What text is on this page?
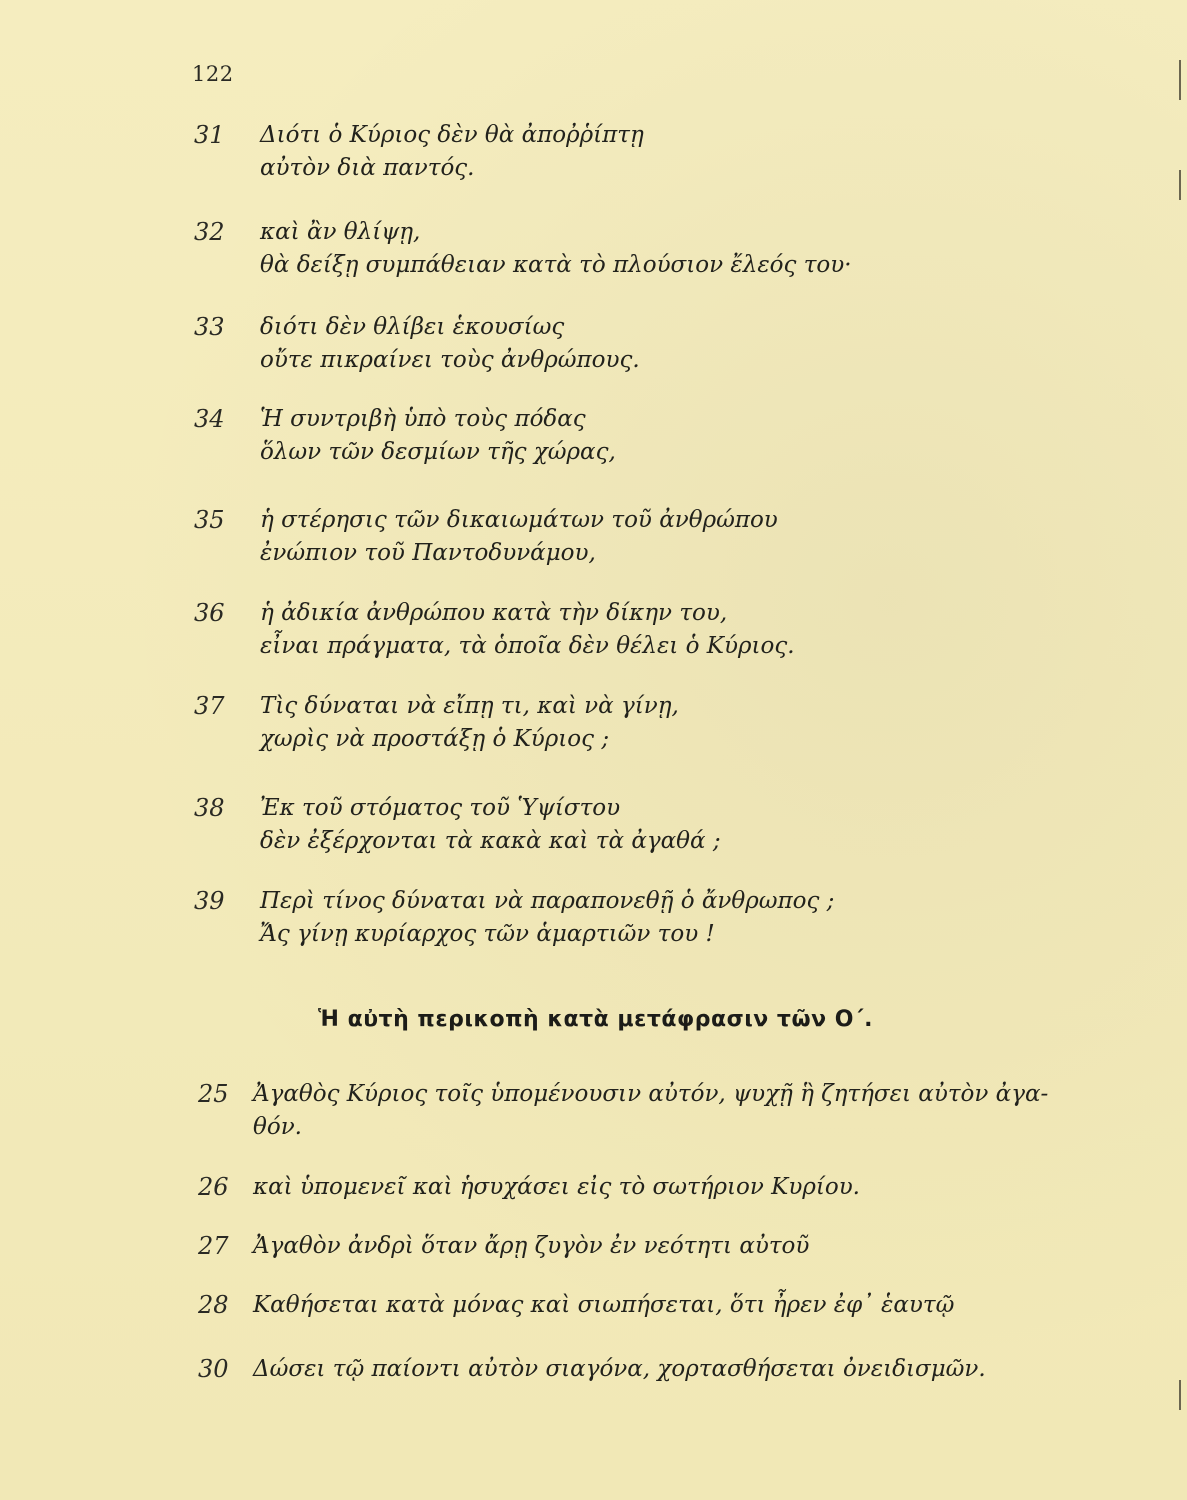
122
31 Διότι ὁ Κύριος δὲν θὰ ἀποῤῥίπτῃ
αὐτὸν διὰ παντός.
32 καὶ ἂν θλίψῃ,
θὰ δείξῃ συμπάθειαν κατὰ τὸ πλούσιον ἔλεός του·
33 διότι δὲν θλίβει ἑκουσίως
οὔτε πικραίνει τοὺς ἀνθρώπους.
34 Ἡ συντριβὴ ὑπὸ τοὺς πόδας
ὅλων τῶν δεσμίων τῆς χώρας,
35 ἡ στέρησις τῶν δικαιωμάτων τοῦ ἀνθρώπου
ἐνώπιον τοῦ Παντοδυνάμου,
36 ἡ ἀδικία ἀνθρώπου κατὰ τὴν δίκην του,
εἶναι πράγματα, τὰ ὁποῖα δὲν θέλει ὁ Κύριος.
37 Τὶς δύναται νὰ εἴπῃ τι, καὶ νὰ γίνῃ,
χωρὶς νὰ προστάξῃ ὁ Κύριος ;
38 Ἐκ τοῦ στόματος τοῦ Ὑψίστου
δὲν ἐξέρχονται τὰ κακὰ καὶ τὰ ἀγαθά ;
39 Περὶ τίνος δύναται νὰ παραπονεθῇ ὁ ἄνθρωπος ;
Ἄς γίνῃ κυρίαρχος τῶν ἁμαρτιῶν του !
Ἡ αὐτὴ περικοπὴ κατὰ μετάφρασιν τῶν Ο΄.
25 Ἀγαθὸς Κύριος τοῖς ὑπομένουσιν αὐτόν, ψυχῇ ἣ ζητήσει αὐτὸν ἀγα-
θόν.
26 καὶ ὑπομενεῖ καὶ ἡσυχάσει εἰς τὸ σωτήριον Κυρίου.
27 Ἀγαθὸν ἀνδρὶ ὅταν ἄρῃ ζυγὸν ἐν νεότητι αὐτοῦ
28 Καθήσεται κατὰ μόνας καὶ σιωπήσεται, ὅτι ἦρεν ἐφ᾽ ἑαυτῷ
30 Δώσει τῷ παίοντι αὐτὸν σιαγόνα, χορτασθήσεται ὀνειδισμῶν.
